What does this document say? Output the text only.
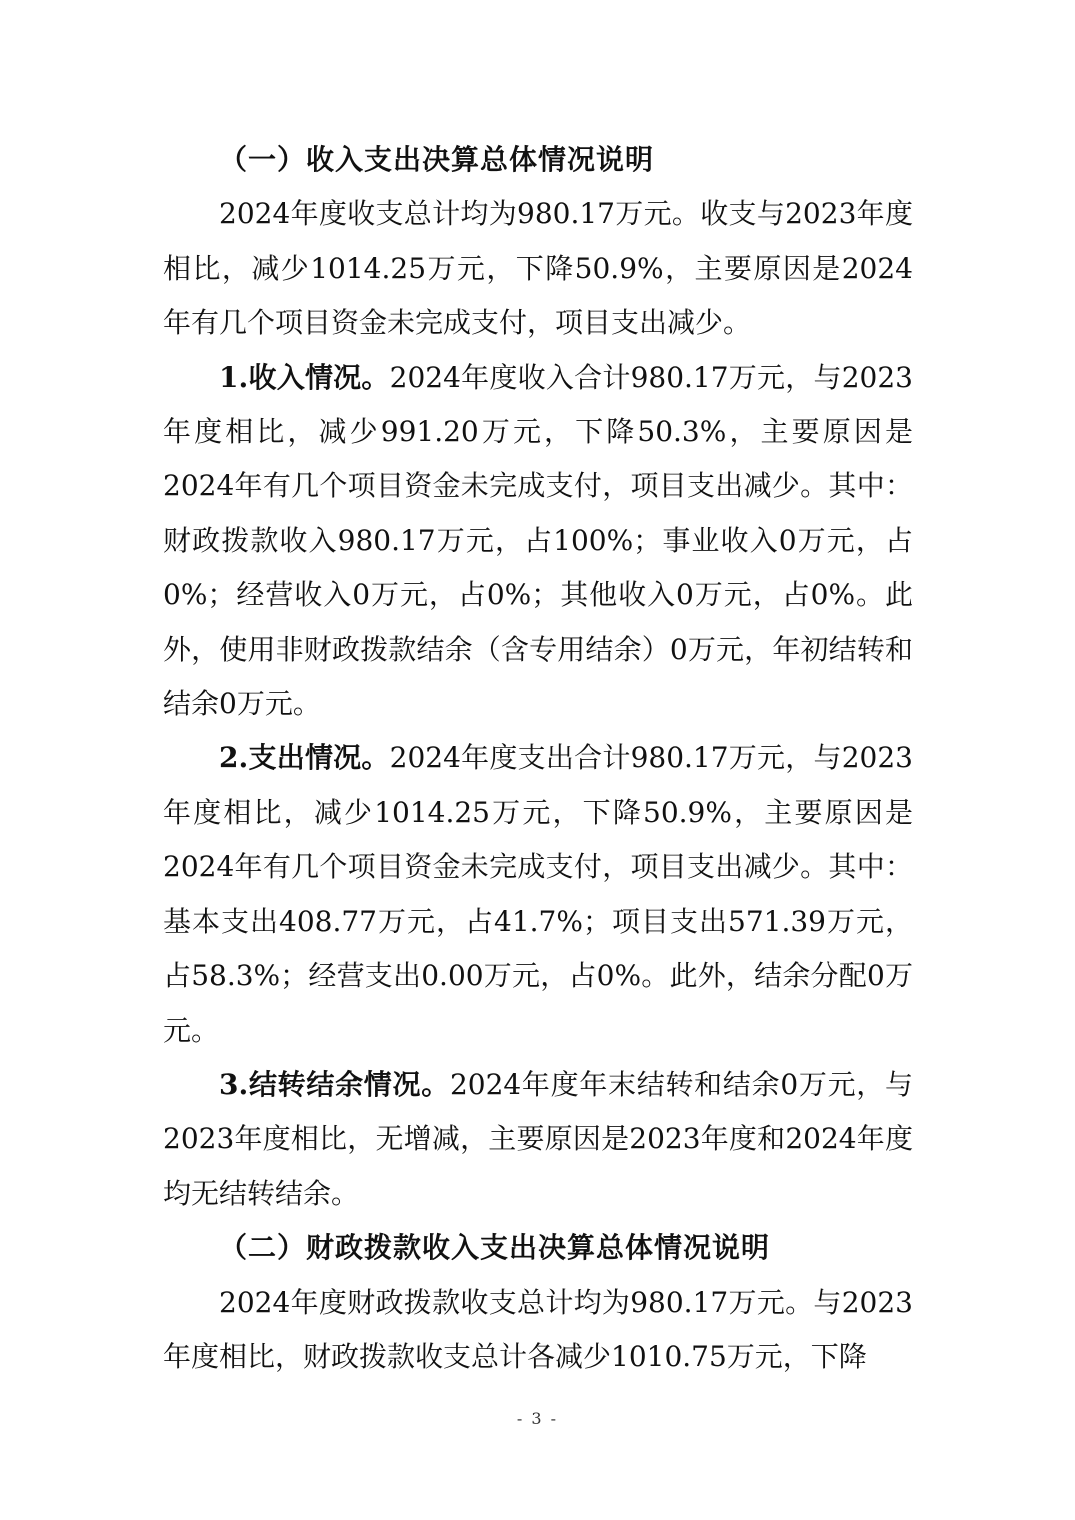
（一）收入支出决算总体情况说明

2024年度收支总计均为980.17万元。收支与2023年度相比，减少1014.25万元，下降50.9%，主要原因是2024年有几个项目资金未完成支付，项目支出减少。

1.收入情况。2024年度收入合计980.17万元，与2023年度相比，减少991.20万元，下降50.3%，主要原因是2024年有几个项目资金未完成支付，项目支出减少。其中：财政拨款收入980.17万元，占100%；事业收入0万元，占0%；经营收入0万元，占0%；其他收入0万元，占0%。此外，使用非财政拨款结余（含专用结余）0万元，年初结转和结余0万元。

2.支出情况。2024年度支出合计980.17万元，与2023年度相比，减少1014.25万元，下降50.9%，主要原因是2024年有几个项目资金未完成支付，项目支出减少。其中：基本支出408.77万元，占41.7%；项目支出571.39万元，占58.3%；经营支出0.00万元，占0%。此外，结余分配0万元。

3.结转结余情况。2024年度年末结转和结余0万元，与2023年度相比，无增减，主要原因是2023年度和2024年度均无结转结余。

（二）财政拨款收入支出决算总体情况说明

2024年度财政拨款收支总计均为980.17万元。与2023年度相比，财政拨款收支总计各减少1010.75万元，下降

- 3 -
